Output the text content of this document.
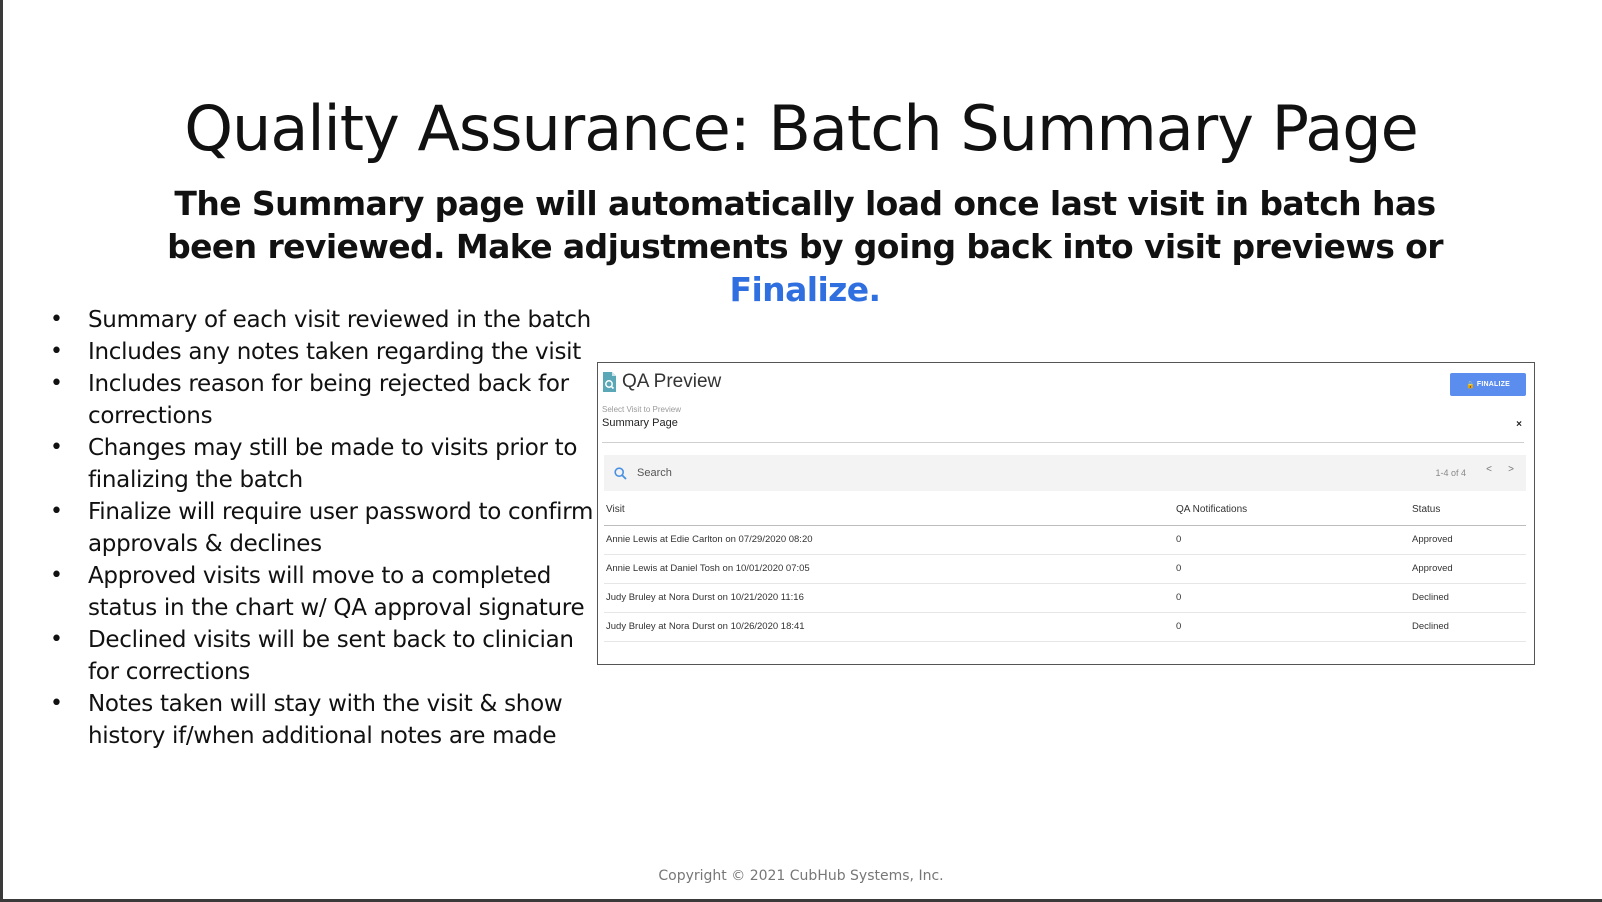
Quality Assurance: Batch Summary Page
The Summary page will automatically load once last visit in batch has been reviewed. Make adjustments by going back into visit previews or Finalize.
• Summary of each visit reviewed in the batch
• Includes any notes taken regarding the visit
• Includes reason for being rejected back for corrections
• Changes may still be made to visits prior to finalizing the batch
• Finalize will require user password to confirm approvals & declines
• Approved visits will move to a completed status in the chart w/ QA approval signature
• Declined visits will be sent back to clinician for corrections
• Notes taken will stay with the visit & show history if/when additional notes are made
QA Preview	🔒 FINALIZE
Select Visit to Preview
Summary Page	×
Search
1-4 of 4 < >
Visit	QA Notifications	Status
Annie Lewis at Edie Carlton on 07/29/2020 08:20	0	Approved
Annie Lewis at Daniel Tosh on 10/01/2020 07:05	0	Approved
Judy Bruley at Nora Durst on 10/21/2020 11:16	0	Declined
Judy Bruley at Nora Durst on 10/26/2020 18:41	0	Declined
Copyright © 2021 CubHub Systems, Inc.
